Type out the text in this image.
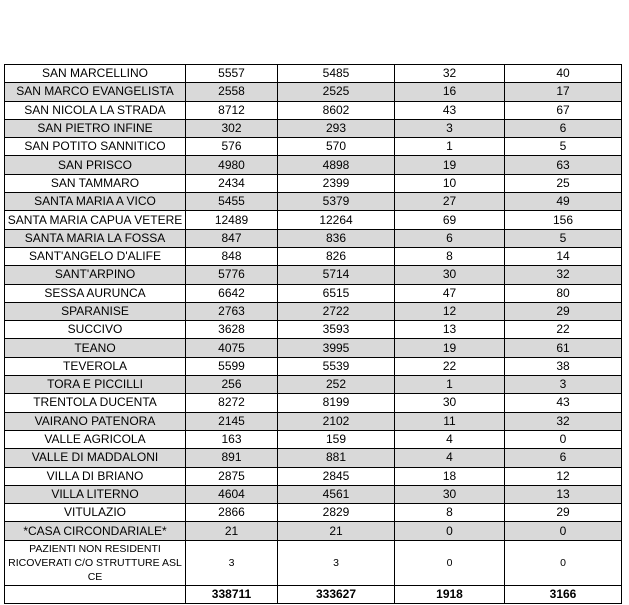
SAN MARCELLINO	5557	5485	32	40
SAN MARCO EVANGELISTA	2558	2525	16	17
SAN NICOLA LA STRADA	8712	8602	43	67
SAN PIETRO INFINE	302	293	3	6
SAN POTITO SANNITICO	576	570	1	5
SAN PRISCO	4980	4898	19	63
SAN TAMMARO	2434	2399	10	25
SANTA MARIA A VICO	5455	5379	27	49
SANTA MARIA CAPUA VETERE	12489	12264	69	156
SANTA MARIA LA FOSSA	847	836	6	5
SANT'ANGELO D'ALIFE	848	826	8	14
SANT'ARPINO	5776	5714	30	32
SESSA AURUNCA	6642	6515	47	80
SPARANISE	2763	2722	12	29
SUCCIVO	3628	3593	13	22
TEANO	4075	3995	19	61
TEVEROLA	5599	5539	22	38
TORA E PICCILLI	256	252	1	3
TRENTOLA DUCENTA	8272	8199	30	43
VAIRANO PATENORA	2145	2102	11	32
VALLE AGRICOLA	163	159	4	0
VALLE DI MADDALONI	891	881	4	6
VILLA DI BRIANO	2875	2845	18	12
VILLA LITERNO	4604	4561	30	13
VITULAZIO	2866	2829	8	29
*CASA CIRCONDARIALE*	21	21	0	0
PAZIENTI NON RESIDENTI RICOVERATI C/O STRUTTURE ASL CE	3	3	0	0
	338711	333627	1918	3166
